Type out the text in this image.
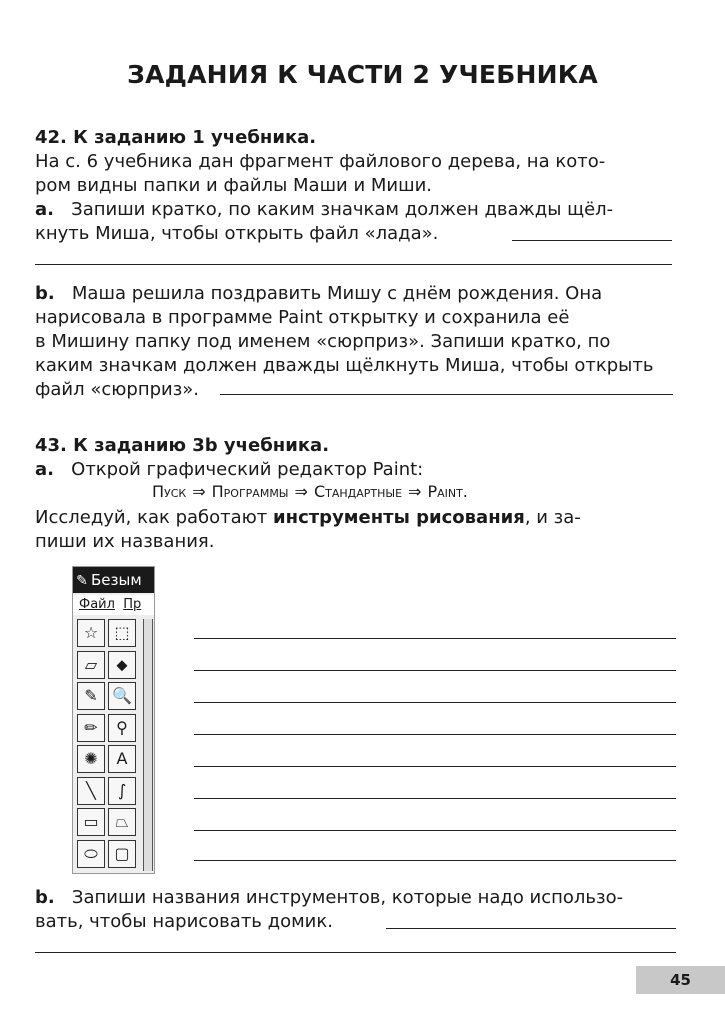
ЗАДАНИЯ К ЧАСТИ 2 УЧЕБНИКА
42. К заданию 1 учебника.
На с. 6 учебника дан фрагмент файлового дерева, на кото-
ром видны папки и файлы Маши и Миши.
а. Запиши кратко, по каким значкам должен дважды щёл-
кнуть Миша, чтобы открыть файл «лада».
b. Маша решила поздравить Мишу с днём рождения. Она
нарисовала в программе Paint открытку и сохранила её
в Мишину папку под именем «сюрприз». Запиши кратко, по
каким значкам должен дважды щёлкнуть Миша, чтобы открыть
файл «сюрприз».
43. К заданию 3b учебника.
а. Открой графический редактор Paint:
Пуск ⇒ Программы ⇒ Стандартные ⇒ Paint.
Исследуй, как работают инструменты рисования, и за-
пиши их названия.
✎ Безым
Файл Пр
☆	⬚
▱	⬥
✎ 🔍
✏	⚲
✺	A
╲	∫
▭	⏢
⬭	▢
b. Запиши названия инструментов, которые надо использо-
вать, чтобы нарисовать домик.
45
